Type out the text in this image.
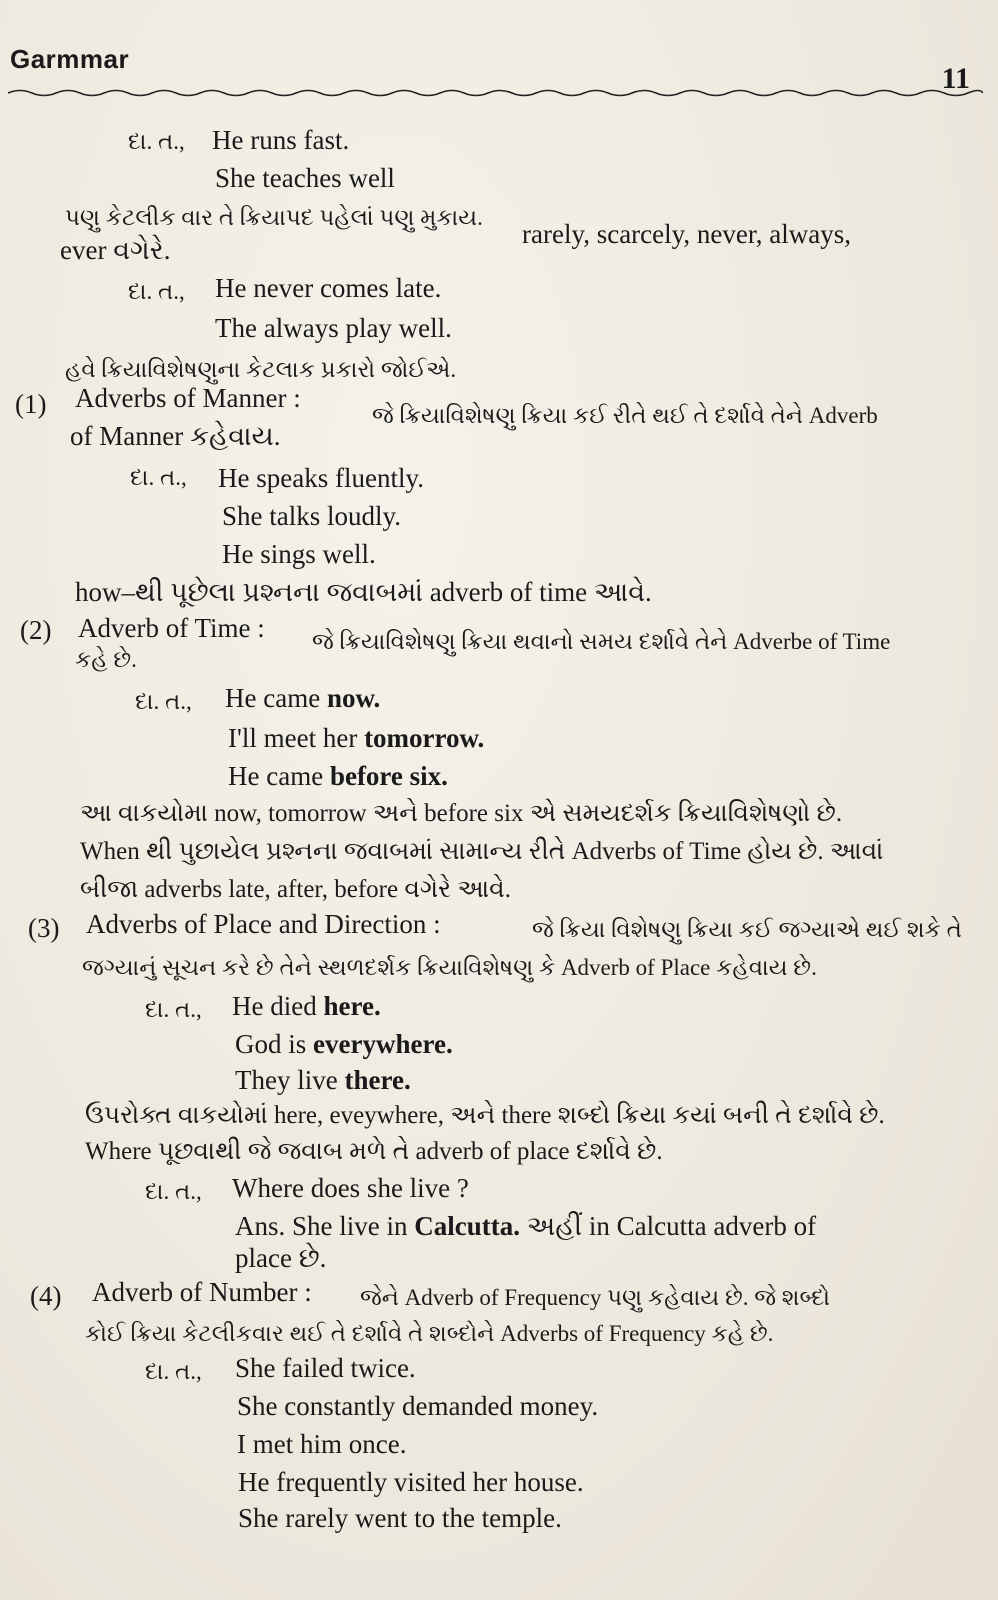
Garmmar
11
દા. ત., He runs fast.
She teaches well
પણુ કેટલીક વાર તે ક્રિયાપદ પહેલાં પણુ મુકાય.
rarely, scarcely, never, always,
ever વગેરે.
દા. ત., He never comes late.
The always play well.
હવે ક્રિયાવિશેષણુના કેટલાક પ્રકારો જોઈએ.
(1) Adverbs of Manner :
જે ક્રિયાવિશેષણુ ક્રિયા કઈ રીતે થઈ તે દર્શાવે તેને Adverb
of Manner કહેવાય.
દા. ત., He speaks fluently.
She talks loudly.
He sings well.
how–થી પૂછેલા પ્રશ્નના જવાબમાં adverb of time આવે.
(2) Adverb of Time : જે ક્રિયાવિશેષણુ ક્રિયા થવાનો સમય દર્શાવે તેને Adverbe of Time
કહે છે.
દા. ત., He came now.
I'll meet her tomorrow.
He came before six.
આ વાકયોમા now, tomorrow અને before six એ સમયદર્શક ક્રિયાવિશેષણો છે.
When થી પુછાયેલ પ્રશ્નના જવાબમાં સામાન્ય રીતે Adverbs of Time હોય છે. આવાં
બીજા adverbs late, after, before વગેરે આવે.
(3) Adverbs of Place and Direction :	જે ક્રિયા વિશેષણુ ક્રિયા કઈ જગ્યાએ થઈ શકે તે
જગ્યાનું સૂચન કરે છે તેને સ્થળદર્શક ક્રિયાવિશેષણુ કે Adverb of Place કહેવાય છે.
દા. ત., He died here.
God is everywhere.
They live there.
ઉપરોક્ત વાકયોમાં here, eveywhere, અને there શબ્દો ક્રિયા કયાં બની તે દર્શાવે છે.
Where પૂછવાથી જે જવાબ મળે તે adverb of place દર્શાવે છે.
દા. ત., Where does she live ?
Ans. She live in Calcutta. અહીં in Calcutta adverb of
place છે.
(4) Adverb of Number : જેને Adverb of Frequency પણુ કહેવાય છે. જે શબ્દો
કોઈ ક્રિયા કેટલીકવાર થઈ તે દર્શાવે તે શબ્દોને Adverbs of Frequency કહે છે.
દા. ત., She failed twice.
She constantly demanded money.
I met him once.
He frequently visited her house.
She rarely went to the temple.
